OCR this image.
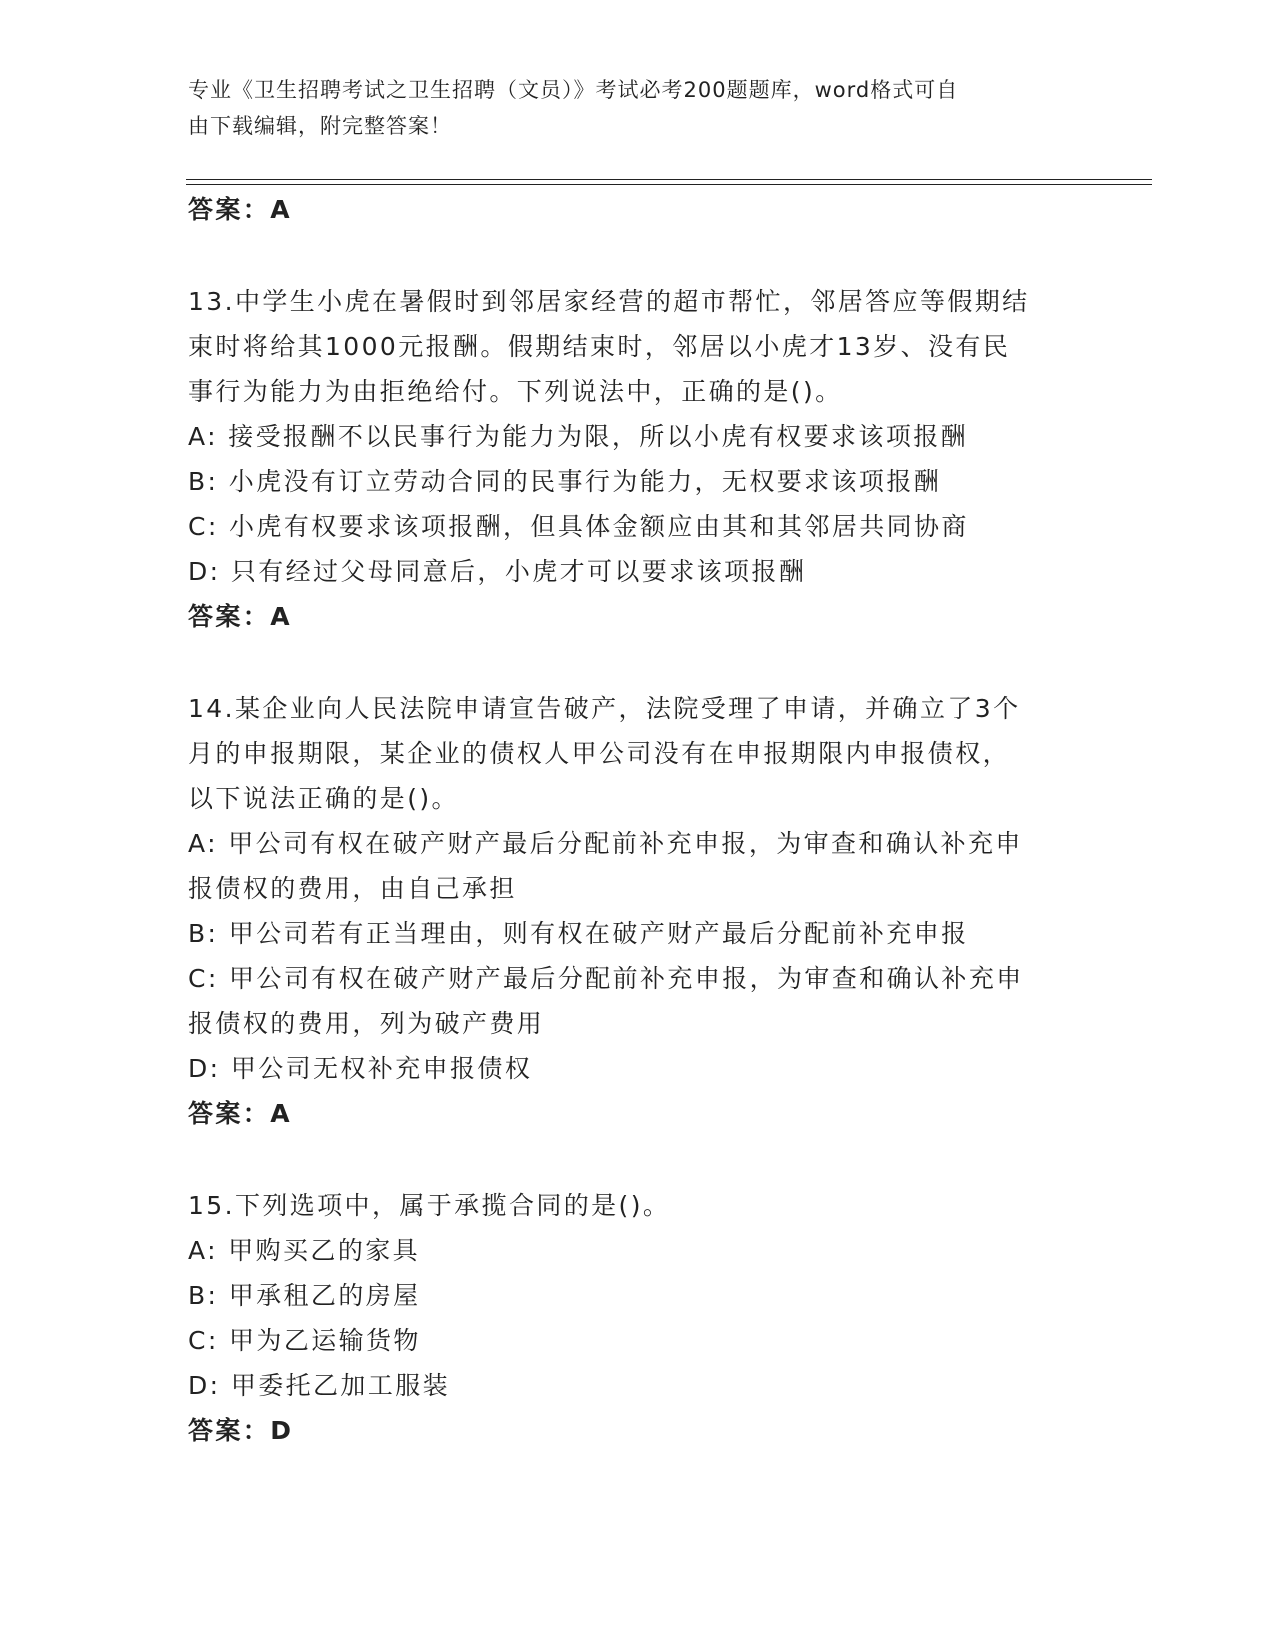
专业《卫生招聘考试之卫生招聘（文员）》考试必考200题题库，word格式可自
由下载编辑，附完整答案！
答案：A
13.中学生小虎在暑假时到邻居家经营的超市帮忙，邻居答应等假期结
束时将给其1000元报酬。假期结束时，邻居以小虎才13岁、没有民
事行为能力为由拒绝给付。下列说法中，正确的是()。
A: 接受报酬不以民事行为能力为限，所以小虎有权要求该项报酬
B: 小虎没有订立劳动合同的民事行为能力，无权要求该项报酬
C: 小虎有权要求该项报酬，但具体金额应由其和其邻居共同协商
D: 只有经过父母同意后，小虎才可以要求该项报酬
答案：A
14.某企业向人民法院申请宣告破产，法院受理了申请，并确立了3个
月的申报期限，某企业的债权人甲公司没有在申报期限内申报债权，
以下说法正确的是()。
A: 甲公司有权在破产财产最后分配前补充申报，为审查和确认补充申
报债权的费用，由自己承担
B: 甲公司若有正当理由，则有权在破产财产最后分配前补充申报
C: 甲公司有权在破产财产最后分配前补充申报，为审查和确认补充申
报债权的费用，列为破产费用
D: 甲公司无权补充申报债权
答案：A
15.下列选项中，属于承揽合同的是()。
A: 甲购买乙的家具
B: 甲承租乙的房屋
C: 甲为乙运输货物
D: 甲委托乙加工服装
答案：D
